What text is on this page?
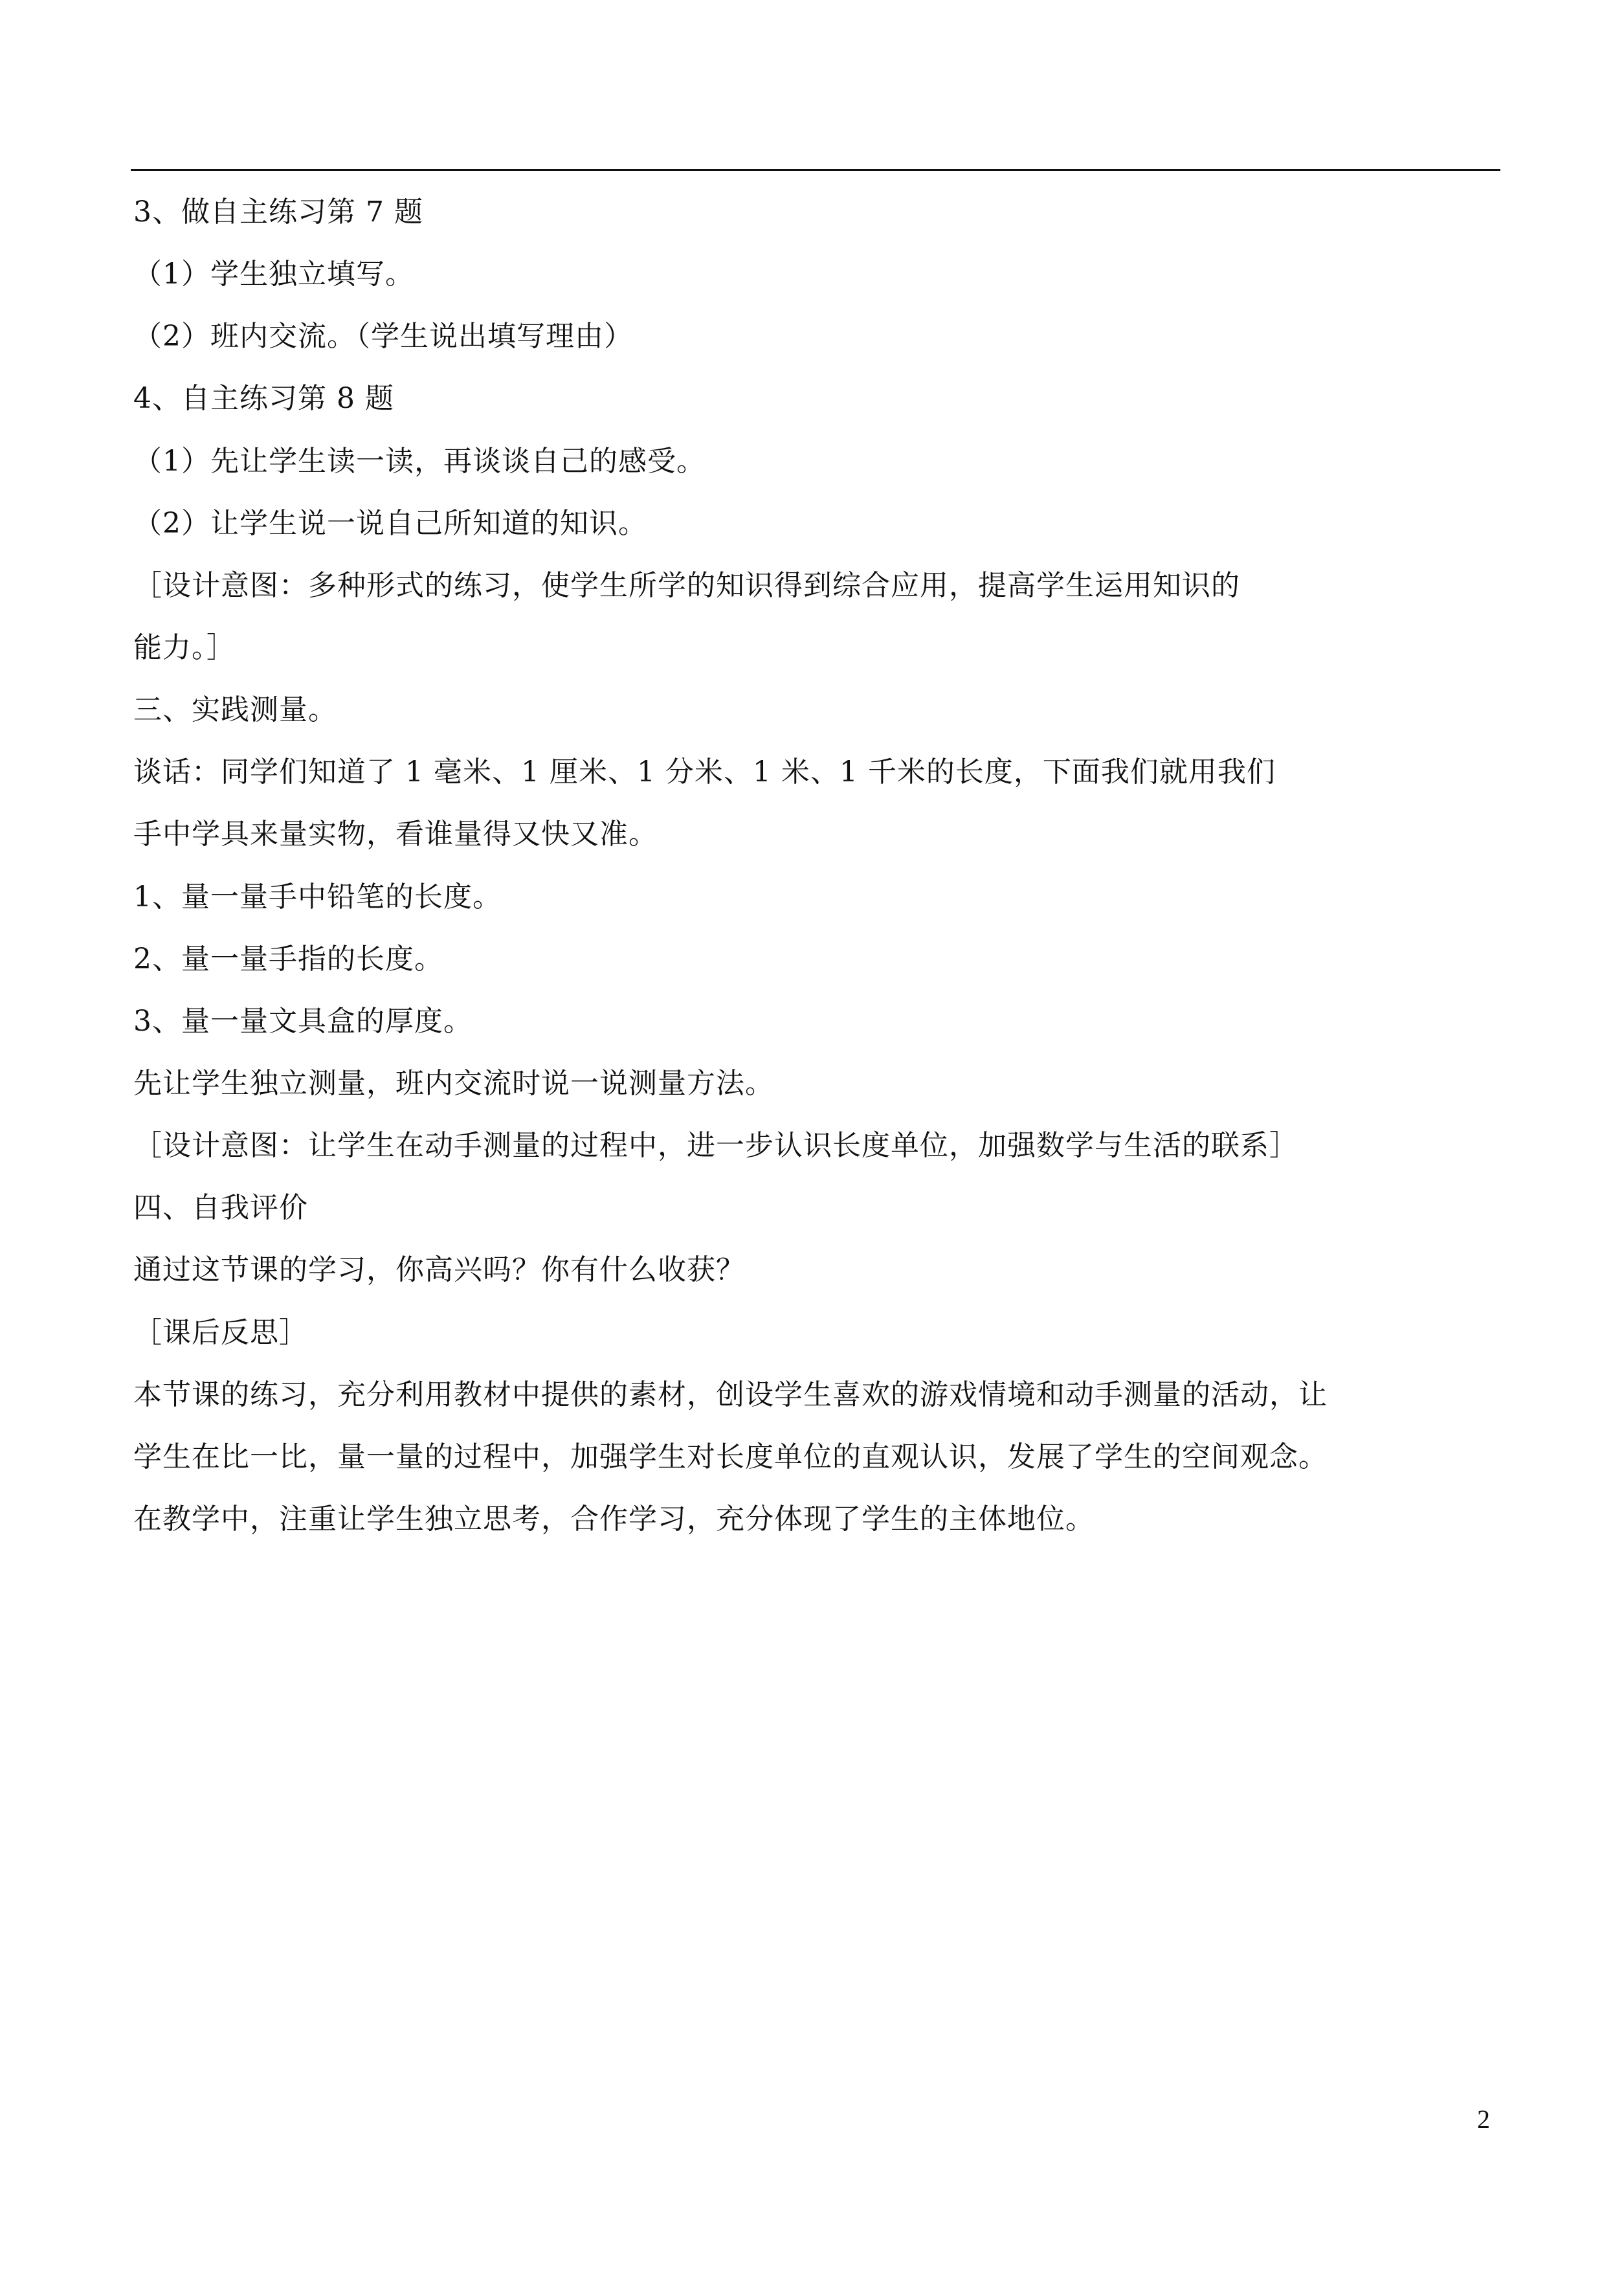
3、做自主练习第 7 题
（1）学生独立填写。
（2）班内交流。（学生说出填写理由）
4、自主练习第 8 题
（1）先让学生读一读，再谈谈自己的感受。
（2）让学生说一说自己所知道的知识。
［设计意图：多种形式的练习，使学生所学的知识得到综合应用，提高学生运用知识的
能力。］
三、实践测量。
谈话：同学们知道了 1 毫米、1 厘米、1 分米、1 米、1 千米的长度，下面我们就用我们
手中学具来量实物，看谁量得又快又准。
1、量一量手中铅笔的长度。
2、量一量手指的长度。
3、量一量文具盒的厚度。
先让学生独立测量，班内交流时说一说测量方法。
［设计意图：让学生在动手测量的过程中，进一步认识长度单位，加强数学与生活的联系］
四、自我评价
通过这节课的学习，你高兴吗？你有什么收获？
［课后反思］
本节课的练习，充分利用教材中提供的素材，创设学生喜欢的游戏情境和动手测量的活动，让
学生在比一比，量一量的过程中，加强学生对长度单位的直观认识，发展了学生的空间观念。
在教学中，注重让学生独立思考，合作学习，充分体现了学生的主体地位。
2
